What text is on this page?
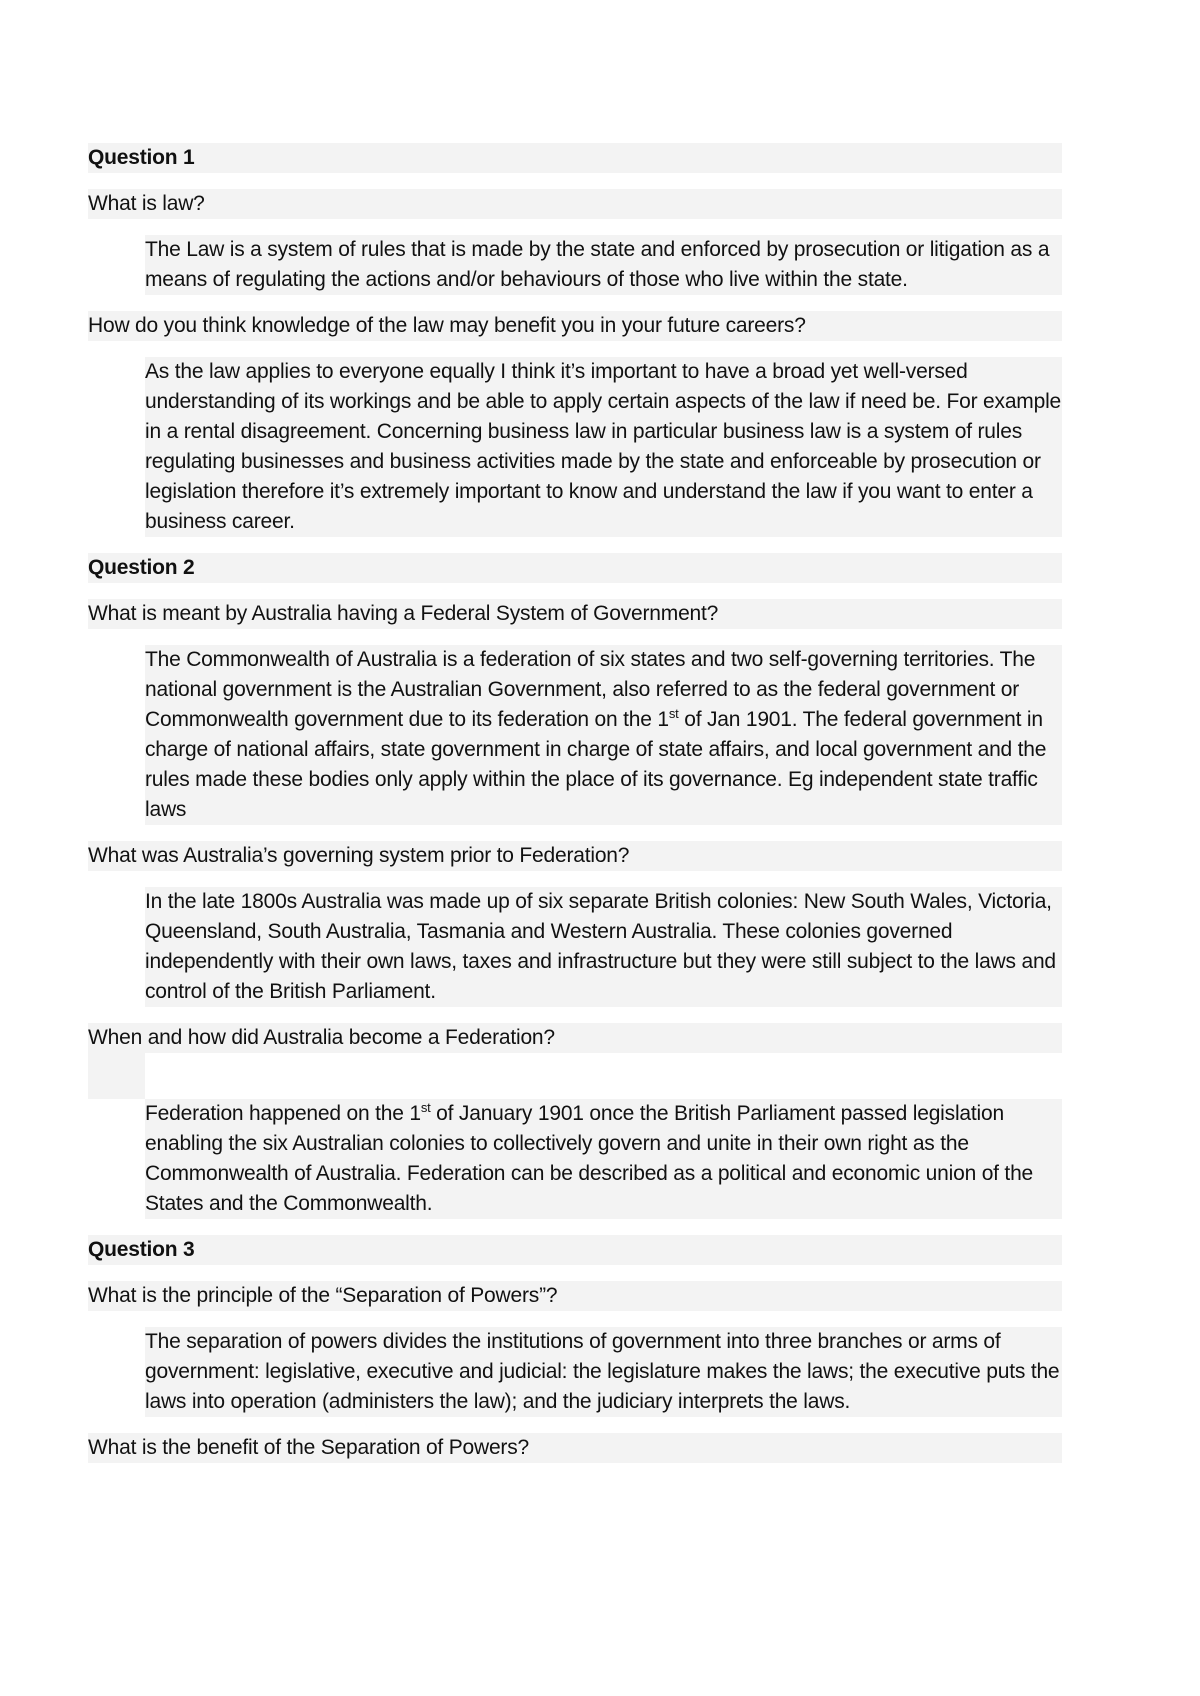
Question 1
What is law?
The Law is a system of rules that is made by the state and enforced by prosecution or litigation as a means of regulating the actions and/or behaviours of those who live within the state.
How do you think knowledge of the law may benefit you in your future careers?
As the law applies to everyone equally I think it’s important to have a broad yet well-versed understanding of its workings and be able to apply certain aspects of the law if need be. For example in a rental disagreement. Concerning business law in particular business law is a system of rules regulating businesses and business activities made by the state and enforceable by prosecution or legislation therefore it’s extremely important to know and understand the law if you want to enter a business career.
Question 2
What is meant by Australia having a Federal System of Government?
The Commonwealth of Australia is a federation of six states and two self-governing territories. The national government is the Australian Government, also referred to as the federal government or Commonwealth government due to its federation on the 1st of Jan 1901. The federal government in charge of national affairs, state government in charge of state affairs, and local government and the rules made these bodies only apply within the place of its governance. Eg independent state traffic laws
What was Australia’s governing system prior to Federation?
In the late 1800s Australia was made up of six separate British colonies: New South Wales, Victoria, Queensland, South Australia, Tasmania and Western Australia. These colonies governed independently with their own laws, taxes and infrastructure but they were still subject to the laws and control of the British Parliament.
When and how did Australia become a Federation?
Federation happened on the 1st of January 1901 once the British Parliament passed legislation enabling the six Australian colonies to collectively govern and unite in their own right as the Commonwealth of Australia. Federation can be described as a political and economic union of the States and the Commonwealth.
Question 3
What is the principle of the “Separation of Powers”?
The separation of powers divides the institutions of government into three branches or arms of government: legislative, executive and judicial: the legislature makes the laws; the executive puts the laws into operation (administers the law); and the judiciary interprets the laws.
What is the benefit of the Separation of Powers?
